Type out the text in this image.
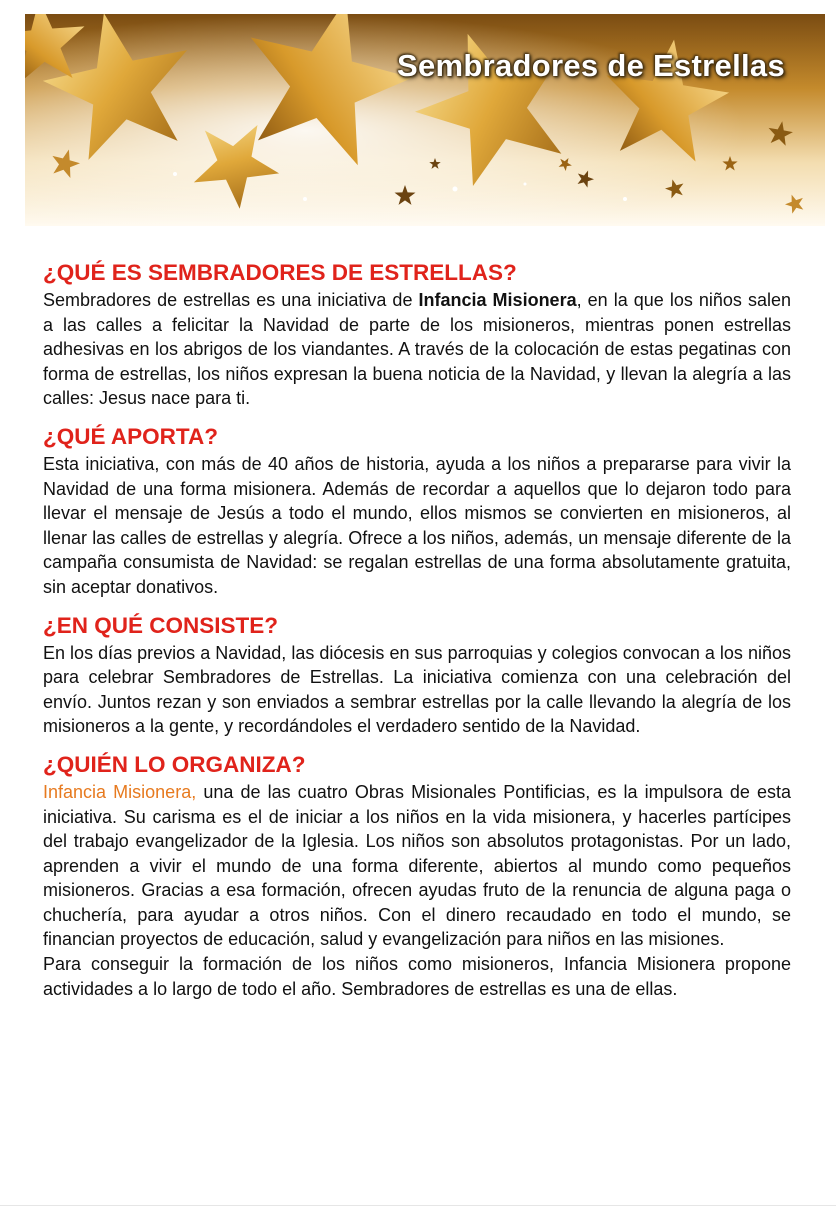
Sembradores de Estrellas
¿QUÉ ES SEMBRADORES DE ESTRELLAS?

Sembradores de estrellas es una iniciativa de Infancia Misionera, en la que los niños salen a las calles a felicitar la Navidad de parte de los misioneros, mientras ponen estrellas adhesivas en los abrigos de los viandantes. A través de la colocación de estas pegatinas con forma de estrellas, los niños expresan la buena noticia de la Navidad, y llevan la alegría a las calles: Jesus nace para ti.

¿QUÉ APORTA?

Esta iniciativa, con más de 40 años de historia, ayuda a los niños a prepararse para vivir la Navidad de una forma misionera. Además de recordar a aquellos que lo dejaron todo para llevar el mensaje de Jesús a todo el mundo, ellos mismos se convierten en misioneros, al llenar las calles de estrellas y alegría. Ofrece a los niños, además, un mensaje diferente de la campaña consumista de Navidad: se regalan estrellas de una forma absolutamente gratuita, sin aceptar donativos.

¿EN QUÉ CONSISTE?

En los días previos a Navidad, las diócesis en sus parroquias y colegios convocan a los niños para celebrar Sembradores de Estrellas. La iniciativa comienza con una celebración del envío. Juntos rezan y son enviados a sembrar estrellas por la calle llevando la alegría de los misioneros a la gente, y recordándoles el verdadero sentido de la Navidad.

¿QUIÉN LO ORGANIZA?

Infancia Misionera, una de las cuatro Obras Misionales Pontificias, es la impulsora de esta iniciativa. Su carisma es el de iniciar a los niños en la vida misionera, y hacerles partícipes del trabajo evangelizador de la Iglesia. Los niños son absolutos protagonistas. Por un lado, aprenden a vivir el mundo de una forma diferente, abiertos al mundo como pequeños misioneros. Gracias a esa formación, ofrecen ayudas fruto de la renuncia de alguna paga o chuchería, para ayudar a otros niños. Con el dinero recaudado en todo el mundo, se financian proyectos de educación, salud y evangelización para niños en las misiones.

Para conseguir la formación de los niños como misioneros, Infancia Misionera propone actividades a lo largo de todo el año. Sembradores de estrellas es una de ellas.
